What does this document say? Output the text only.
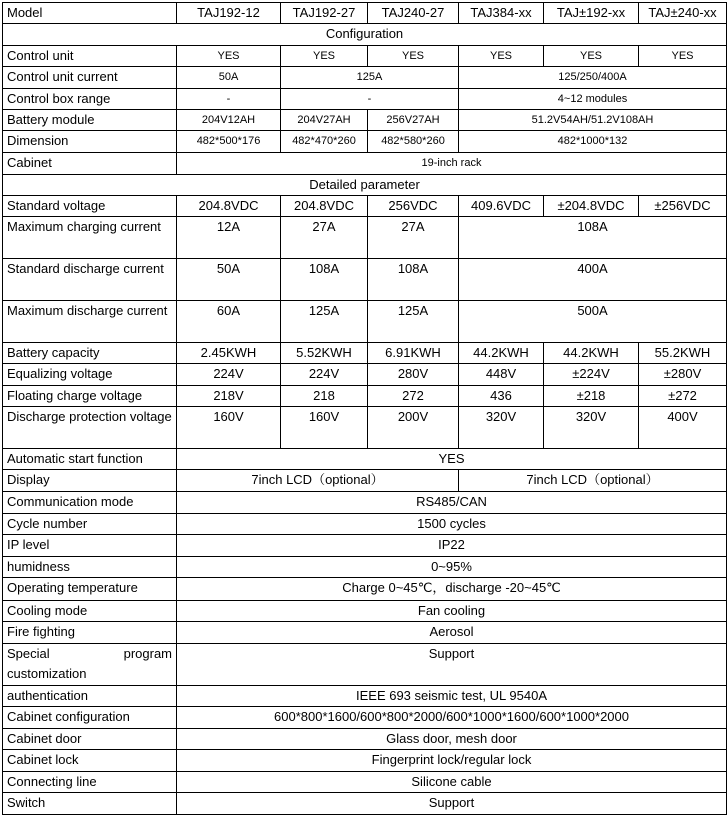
Model	TAJ192-12	TAJ192-27	TAJ240-27	TAJ384-xx	TAJ±192-xx	TAJ±240-xx
Configuration						
Control unit	YES	YES	YES	YES	YES	YES
Control unit current	50A	125A		125/250/400A		
Control box range	-	-		4~12 modules		
Battery module	204V12AH	204V27AH	256V27AH	51.2V54AH/51.2V108AH		
Dimension	482*500*176	482*470*260	482*580*260	482*1000*132		
Cabinet	19-inch rack					
Detailed parameter						
Standard voltage	204.8VDC	204.8VDC	256VDC	409.6VDC	±204.8VDC	±256VDC
Maximum charging current	12A	27A	27A	108A		
Standard discharge current	50A	108A	108A	400A		
Maximum discharge current	60A	125A	125A	500A		
Battery capacity	2.45KWH	5.52KWH	6.91KWH	44.2KWH	44.2KWH	55.2KWH
Equalizing voltage	224V	224V	280V	448V	±224V	±280V
Floating charge voltage	218V	218	272	436	±218	±272
Discharge protection voltage	160V	160V	200V	320V	320V	400V
Automatic start function	YES					
Display	7inch LCD（optional）			7inch LCD（optional）		
Communication mode	RS485/CAN					
Cycle number	1500 cycles					
IP level	IP22					
humidness	0~95%					
Operating temperature	Charge 0~45℃，discharge -20~45℃					
Cooling mode	Fan cooling					
Fire fighting	Aerosol					
Special program customization	Support					
authentication	IEEE 693 seismic test, UL 9540A					
Cabinet configuration	600*800*1600/600*800*2000/600*1000*1600/600*1000*2000					
Cabinet door	Glass door, mesh door					
Cabinet lock	Fingerprint lock/regular lock					
Connecting line	Silicone cable					
Switch	Support					
